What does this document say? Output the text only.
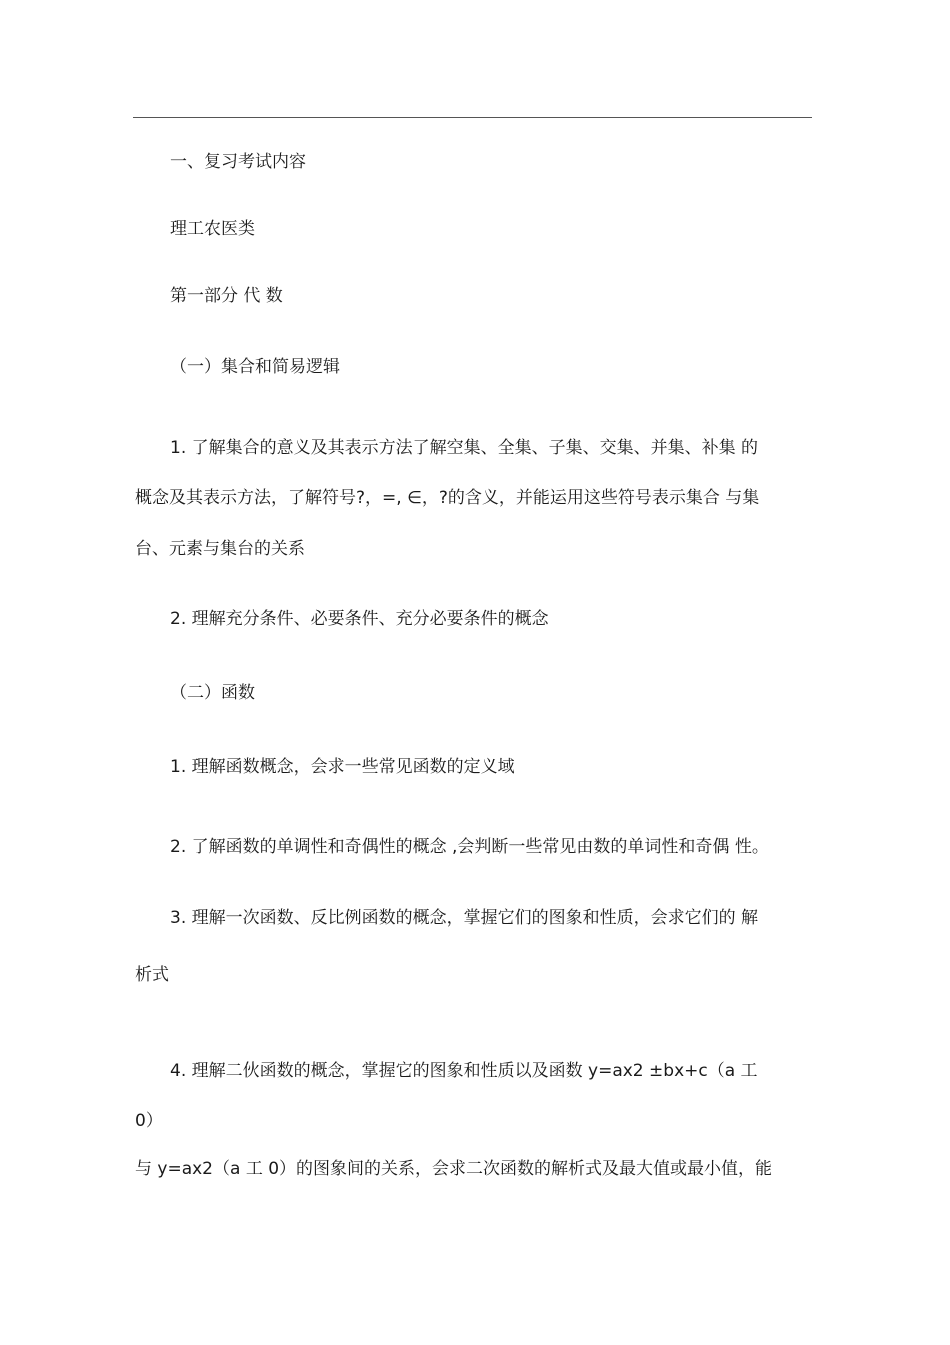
一、复习考试内容
理工农医类
第一部分 代 数
（一）集合和简易逻辑
1. 了解集合的意义及其表示方法了解空集、全集、子集、交集、并集、补集 的
概念及其表示方法，了解符号?，=, ∈，?的含义，并能运用这些符号表示集合 与集
台、元素与集台的关系
2. 理解充分条件、必要条件、充分必要条件的概念
（二）函数
1. 理解函数概念，会求一些常见函数的定义域
2. 了解函数的单调性和奇偶性的概念 ,会判断一些常见由数的单词性和奇偶 性。
3. 理解一次函数、反比例函数的概念，掌握它们的图象和性质，会求它们的 解
析式
4. 理解二伙函数的概念，掌握它的图象和性质以及函数 y=ax2 ±bx+c（a 工
0）
与 y=ax2（a 工 0）的图象间的关系，会求二次函数的解析式及最大值或最小值，能
